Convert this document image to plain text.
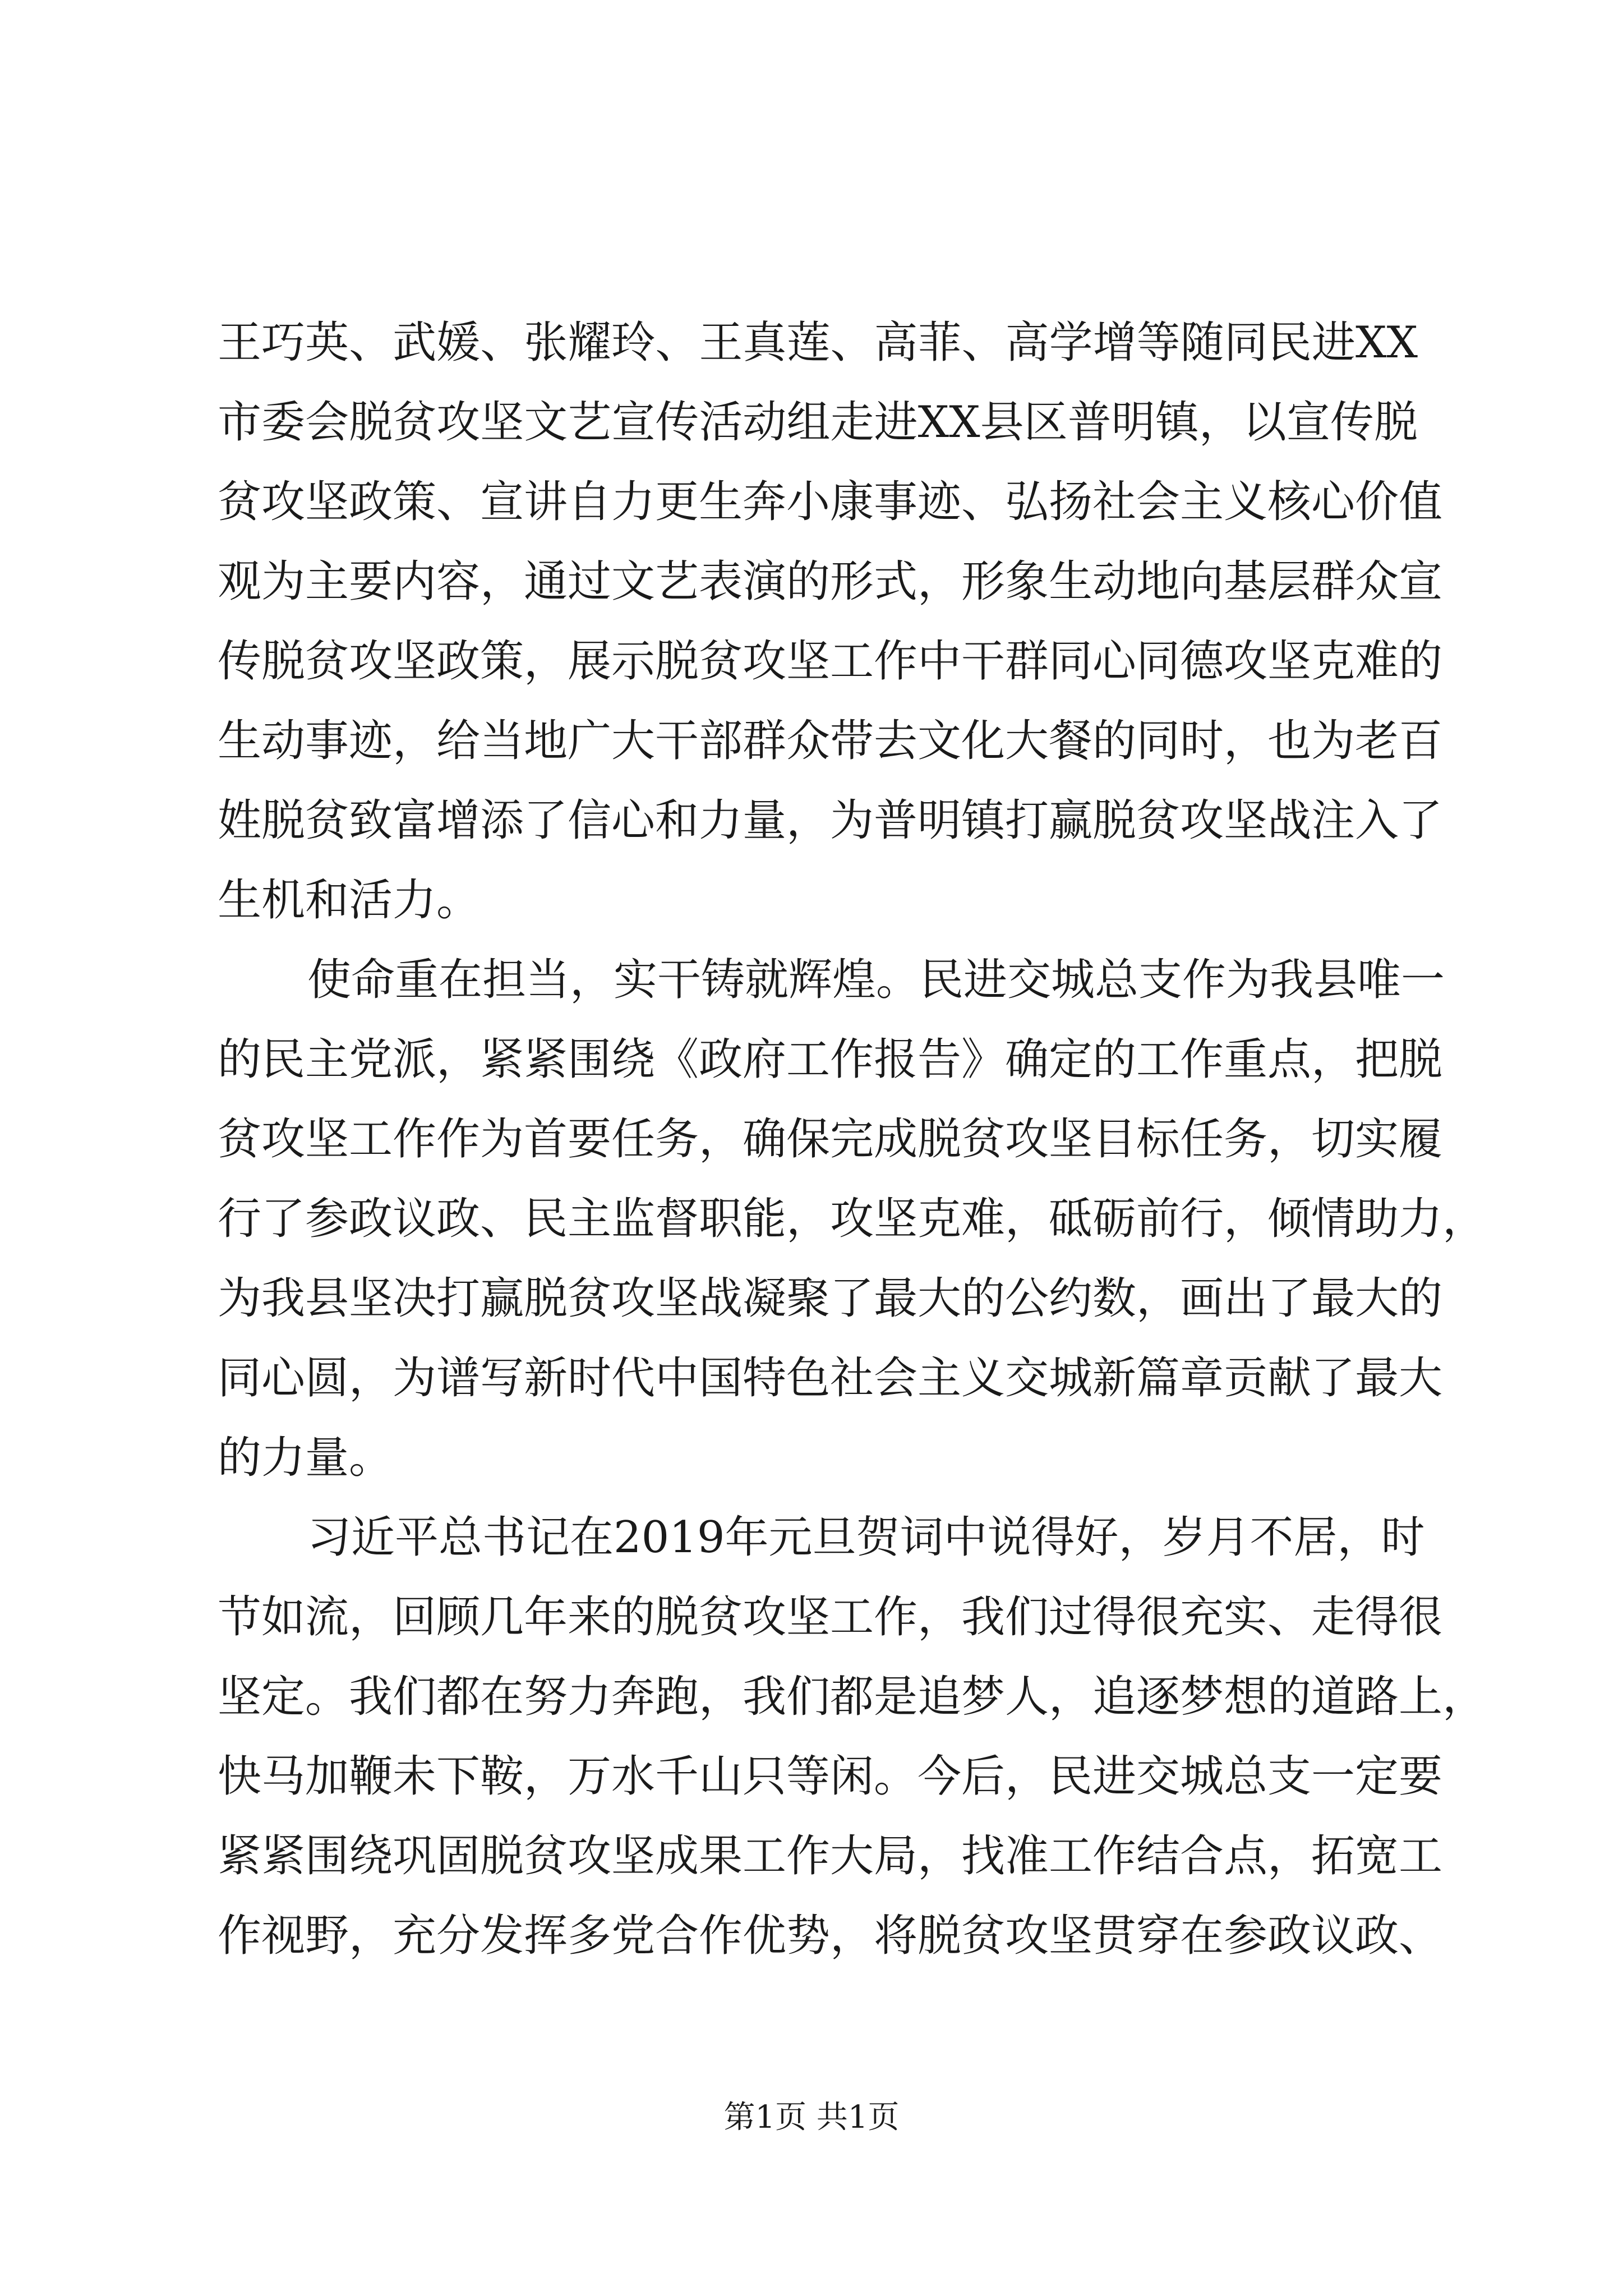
王巧英、武媛、张耀玲、王真莲、高菲、高学增等随同民进XX
市委会脱贫攻坚文艺宣传活动组走进XX县区普明镇，以宣传脱
贫攻坚政策、宣讲自力更生奔小康事迹、弘扬社会主义核心价值
观为主要内容，通过文艺表演的形式，形象生动地向基层群众宣
传脱贫攻坚政策，展示脱贫攻坚工作中干群同心同德攻坚克难的
生动事迹，给当地广大干部群众带去文化大餐的同时，也为老百
姓脱贫致富增添了信心和力量，为普明镇打赢脱贫攻坚战注入了
生机和活力。
使命重在担当，实干铸就辉煌。民进交城总支作为我县唯一
的民主党派，紧紧围绕《政府工作报告》确定的工作重点，把脱
贫攻坚工作作为首要任务，确保完成脱贫攻坚目标任务，切实履
行了参政议政、民主监督职能，攻坚克难，砥砺前行，倾情助力，
为我县坚决打赢脱贫攻坚战凝聚了最大的公约数，画出了最大的
同心圆，为谱写新时代中国特色社会主义交城新篇章贡献了最大
的力量。
习近平总书记在2019年元旦贺词中说得好，岁月不居，时
节如流，回顾几年来的脱贫攻坚工作，我们过得很充实、走得很
坚定。我们都在努力奔跑，我们都是追梦人，追逐梦想的道路上，
快马加鞭未下鞍，万水千山只等闲。今后，民进交城总支一定要
紧紧围绕巩固脱贫攻坚成果工作大局，找准工作结合点，拓宽工
作视野，充分发挥多党合作优势，将脱贫攻坚贯穿在参政议政、
第1页 共1页
